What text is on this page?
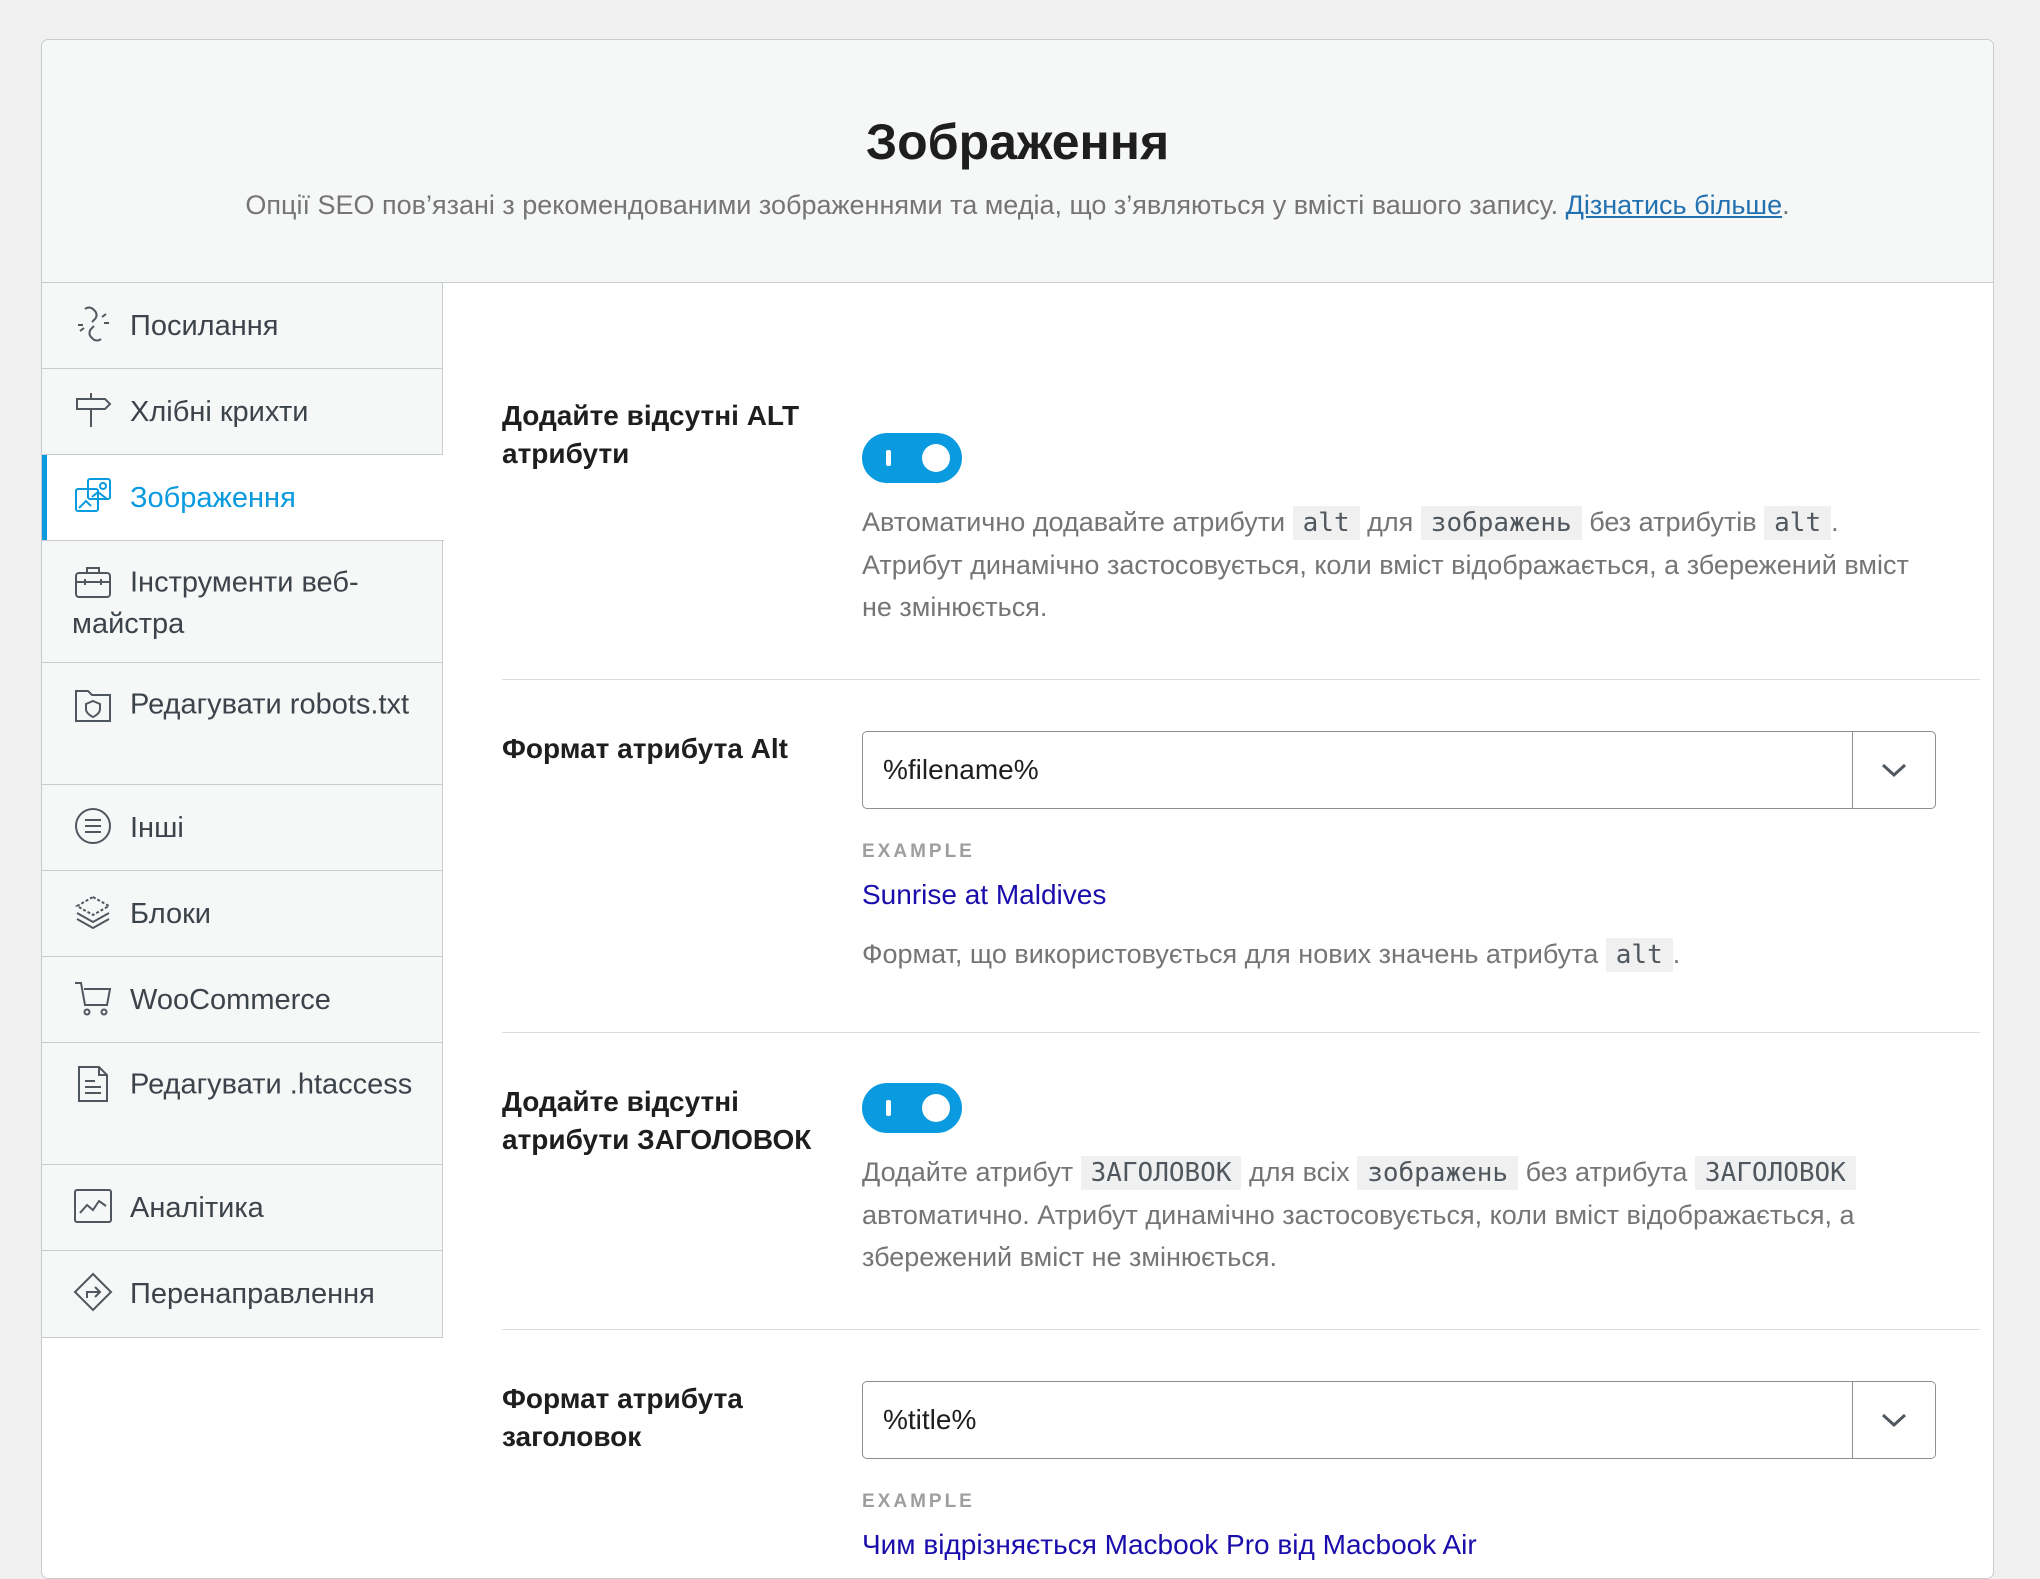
Зображення
Опції SEO пов’язані з рекомендованими зображеннями та медіа, що з’являються у вмісті вашого запису. Дізнатись більше.
Посилання
Хлібні крихти
Зображення
Інструменти веб-майстра
Редагувати robots.txt
Інші
Блоки
WooCommerce
Редагувати .htaccess
Аналітика
Перенаправлення
Додайте відсутні ALT атрибути

Автоматично додавайте атрибути alt для зображень без атрибутів alt . Атрибут динамічно застосовується, коли вміст відображається, а збережений вміст не змінюється.

Формат атрибута Alt
%filename%
EXAMPLE
Sunrise at Maldives

Формат, що використовується для нових значень атрибута alt .

Додайте відсутні атрибути ЗАГОЛОВОК

Додайте атрибут ЗАГОЛОВОК для всіх зображень без атрибута ЗАГОЛОВОК автоматично. Атрибут динамічно застосовується, коли вміст відображається, а збережений вміст не змінюється.

Формат атрибута заголовок
%title%
EXAMPLE
Чим відрізняється Macbook Pro від Macbook Air
